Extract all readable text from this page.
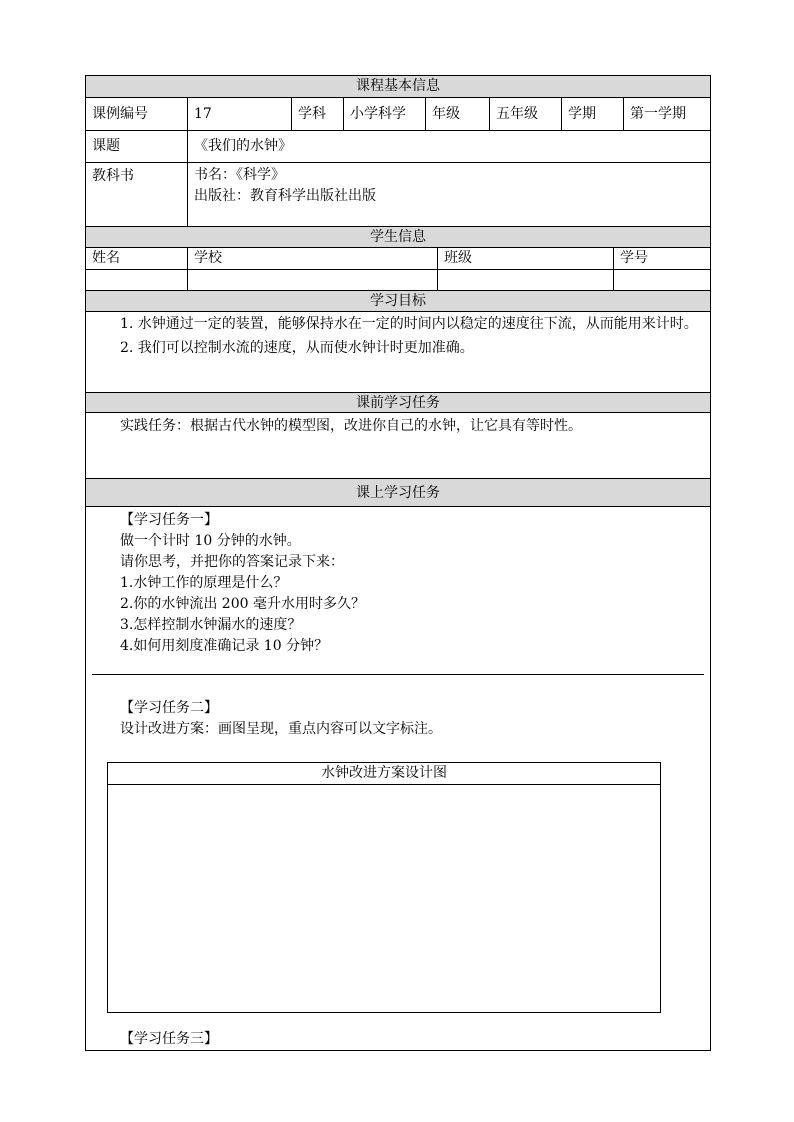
课程基本信息
课例编号	17	学科	小学科学	年级	五年级	学期	第一学期
课题	《我们的水钟》
教科书	书名：《科学》
出版社：教育科学出版社出版
学生信息
姓名	学校	班级	学号
学习目标
1. 水钟通过一定的装置，能够保持水在一定的时间内以稳定的速度往下流，从而能用来计时。
2. 我们可以控制水流的速度，从而使水钟计时更加准确。
课前学习任务
实践任务：根据古代水钟的模型图，改进你自己的水钟，让它具有等时性。
课上学习任务
【学习任务一】
做一个计时 10 分钟的水钟。
请你思考，并把你的答案记录下来：
1.水钟工作的原理是什么？
2.你的水钟流出 200 毫升水用时多久？
3.怎样控制水钟漏水的速度？
4.如何用刻度准确记录 10 分钟？
【学习任务二】
设计改进方案：画图呈现，重点内容可以文字标注。
水钟改进方案设计图
【学习任务三】
